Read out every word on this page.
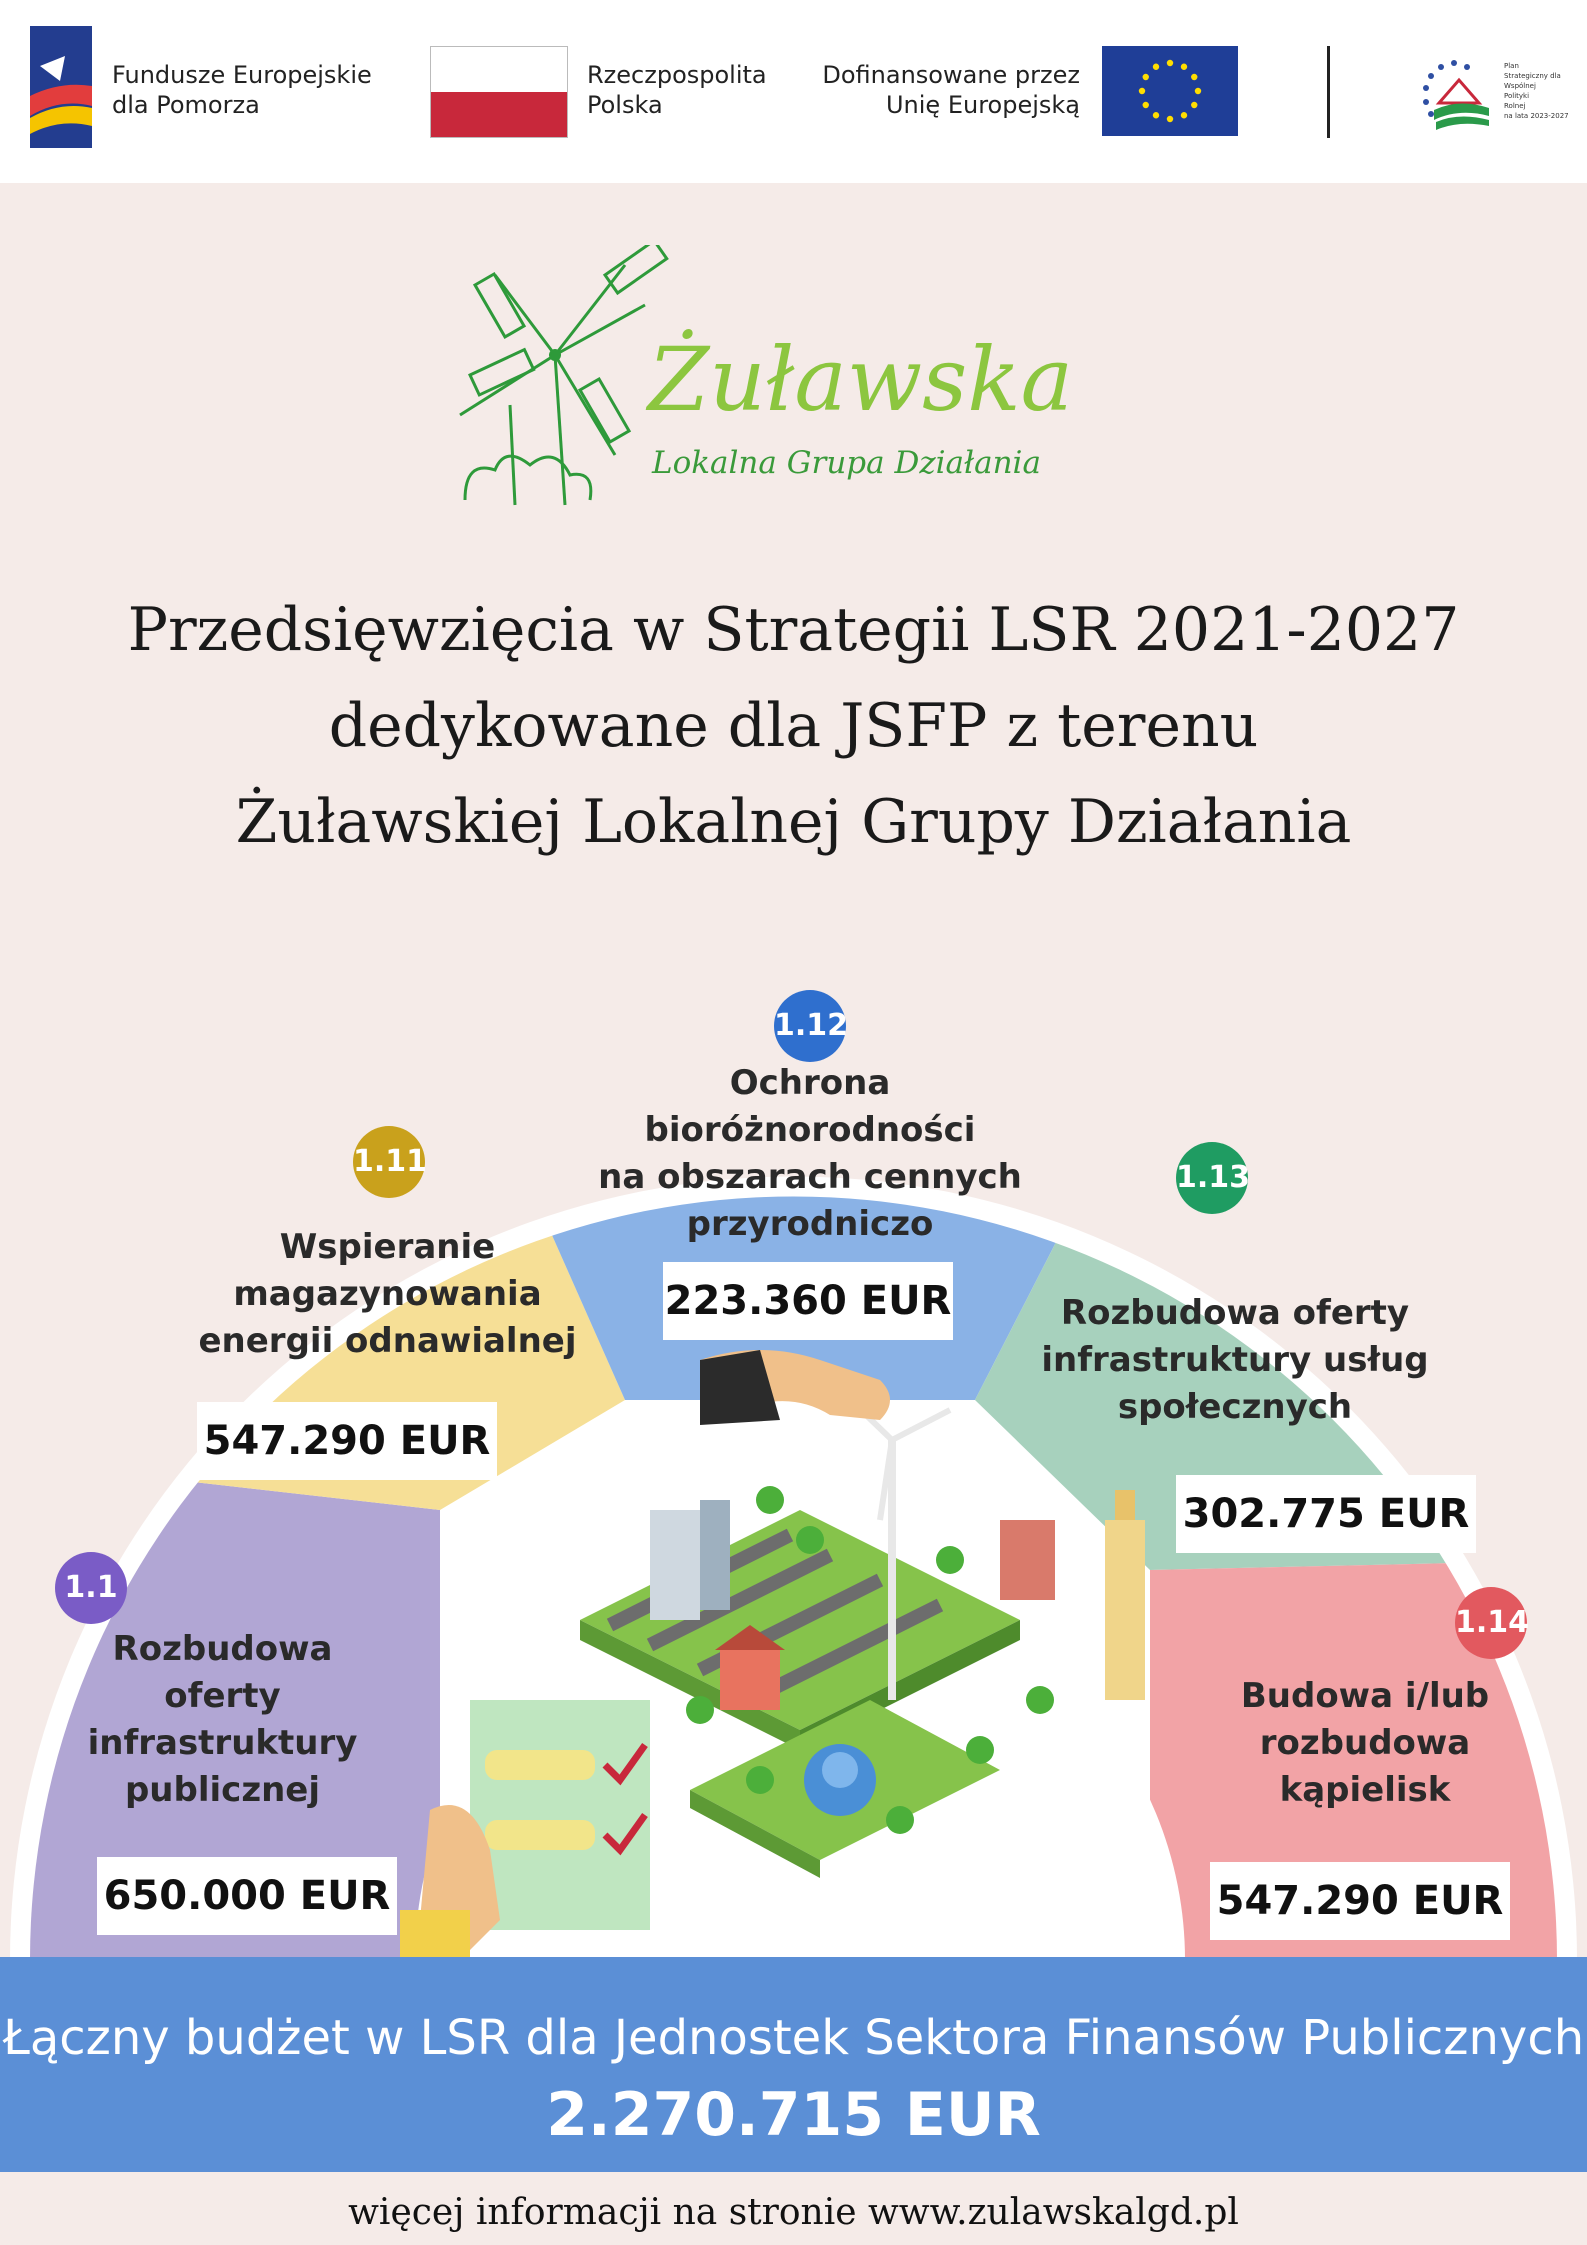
Fundusze Europejskie
dla Pomorza
Rzeczpospolita
Polska
Dofinansowane przez
Unię Europejską
Plan
Strategiczny dla
Wspólnej
Polityki
Rolnej
na lata 2023-2027
Żuławska
Lokalna Grupa Działania
Przedsięwzięcia w Strategii LSR 2021-2027
dedykowane dla JSFP z terenu
Żuławskiej Lokalnej Grupy Działania
1.1
Rozbudowa
oferty
infrastruktury
publicznej
650.000 EUR
1.11
Wspieranie
magazynowania
energii odnawialnej
547.290 EUR
1.12
Ochrona
bioróżnorodności
na obszarach cennych
przyrodniczo
223.360 EUR
1.13
Rozbudowa oferty
infrastruktury usług
społecznych
302.775 EUR
1.14
Budowa i/lub
rozbudowa
kąpielisk
547.290 EUR
Łączny budżet w LSR dla Jednostek Sektora Finansów Publicznych
2.270.715 EUR
więcej informacji na stronie www.zulawskalgd.pl
